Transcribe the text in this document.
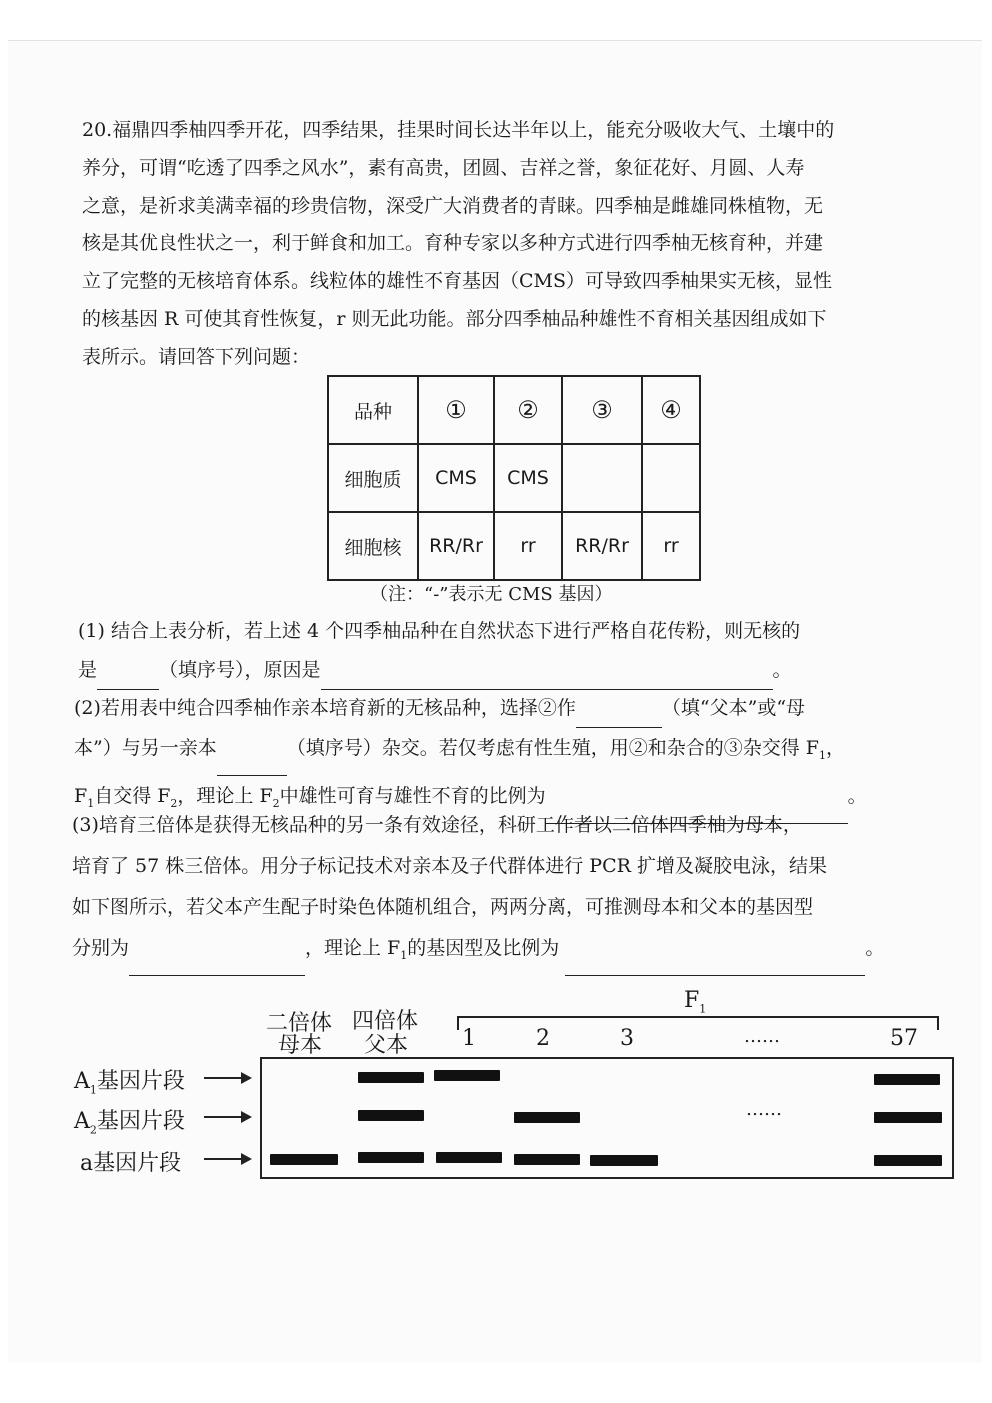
20.福鼎四季柚四季开花，四季结果，挂果时间长达半年以上，能充分吸收大气、土壤中的
养分，可谓“吃透了四季之风水”，素有高贵，团圆、吉祥之誉，象征花好、月圆、人寿
之意，是祈求美满幸福的珍贵信物，深受广大消费者的青睐。四季柚是雌雄同株植物，无
核是其优良性状之一，利于鲜食和加工。育种专家以多种方式进行四季柚无核育种，并建
立了完整的无核培育体系。线粒体的雄性不育基因（CMS）可导致四季柚果实无核，显性
的核基因 R 可使其育性恢复，r 则无此功能。部分四季柚品种雄性不育相关基因组成如下
表所示。请回答下列问题：
品种	①	②	③	④
细胞质	CMS	CMS		
细胞核	RR/Rr	rr	RR/Rr	rr
（注：“-”表示无 CMS 基因）
(1) 结合上表分析，若上述 4 个四季柚品种在自然状态下进行严格自花传粉，则无核的
是	（填序号），原因是	。
(2)若用表中纯合四季柚作亲本培育新的无核品种，选择②作	（填“父本”或“母
本”）与另一亲本	（填序号）杂交。若仅考虑有性生殖，用②和杂合的③杂交得 $F_1$，
$F_1$自交得 $F_2$，理论上 $F_2$中雄性可育与雄性不育的比例为	。
(3)培育三倍体是获得无核品种的另一条有效途径，科研工作者以二倍体四季柚为母本，
培育了 57 株三倍体。用分子标记技术对亲本及子代群体进行 PCR 扩增及凝胶电泳，结果
如下图所示，若父本产生配子时染色体随机组合，两两分离，可推测母本和父本的基因型
分别为	，理论上 $F_1$的基因型及比例为	。
二倍体
母本
四倍体
父本
$F_1$
1	2	3	……	57
$A_1$基因片段
$A_2$基因片段
a基因片段
……
